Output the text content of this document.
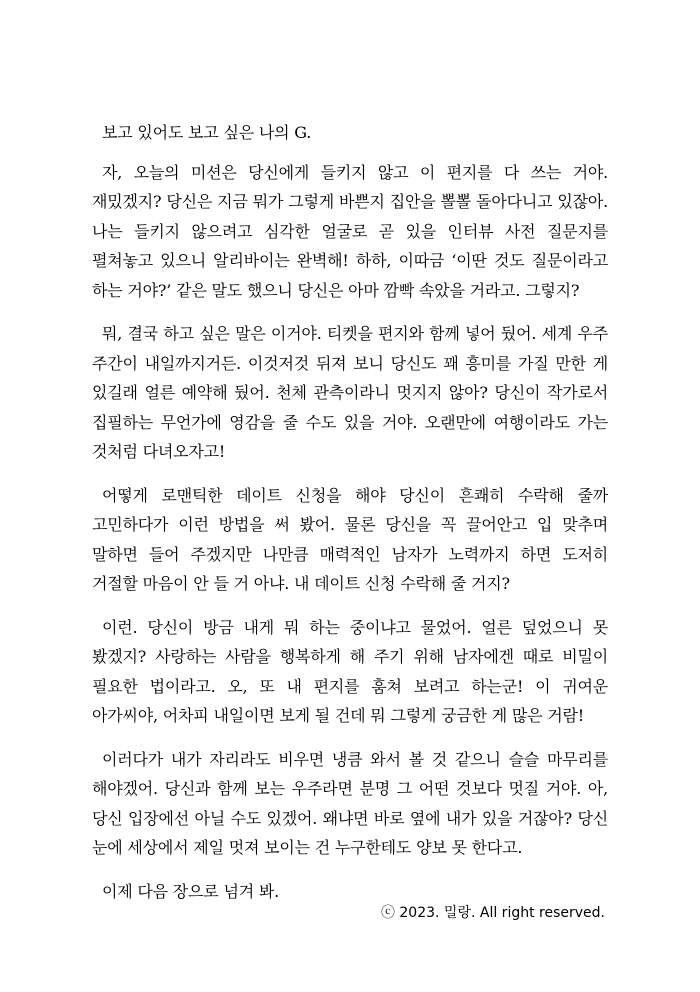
보고 있어도 보고 싶은 나의 G.

자, 오늘의 미션은 당신에게 들키지 않고 이 편지를 다 쓰는 거야. 재밌겠지? 당신은 지금 뭐가 그렇게 바쁜지 집안을 뽈뽈 돌아다니고 있잖아. 나는 들키지 않으려고 심각한 얼굴로 곧 있을 인터뷰 사전 질문지를 펼쳐놓고 있으니 알리바이는 완벽해! 하하, 이따금 ‘이딴 것도 질문이라고 하는 거야?’ 같은 말도 했으니 당신은 아마 깜빡 속았을 거라고. 그렇지?

뭐, 결국 하고 싶은 말은 이거야. 티켓을 편지와 함께 넣어 뒀어. 세계 우주 주간이 내일까지거든. 이것저것 뒤져 보니 당신도 꽤 흥미를 가질 만한 게 있길래 얼른 예약해 뒀어. 천체 관측이라니 멋지지 않아? 당신이 작가로서 집필하는 무언가에 영감을 줄 수도 있을 거야. 오랜만에 여행이라도 가는 것처럼 다녀오자고!

어떻게 로맨틱한 데이트 신청을 해야 당신이 흔쾌히 수락해 줄까 고민하다가 이런 방법을 써 봤어. 물론 당신을 꼭 끌어안고 입 맞추며 말하면 들어 주겠지만 나만큼 매력적인 남자가 노력까지 하면 도저히 거절할 마음이 안 들 거 아냐. 내 데이트 신청 수락해 줄 거지?

이런. 당신이 방금 내게 뭐 하는 중이냐고 물었어. 얼른 덮었으니 못 봤겠지? 사랑하는 사람을 행복하게 해 주기 위해 남자에겐 때로 비밀이 필요한 법이라고. 오, 또 내 편지를 훔쳐 보려고 하는군! 이 귀여운 아가씨야, 어차피 내일이면 보게 될 건데 뭐 그렇게 궁금한 게 많은 거람!

이러다가 내가 자리라도 비우면 냉큼 와서 볼 것 같으니 슬슬 마무리를 해야겠어. 당신과 함께 보는 우주라면 분명 그 어떤 것보다 멋질 거야. 아, 당신 입장에선 아닐 수도 있겠어. 왜냐면 바로 옆에 내가 있을 거잖아? 당신 눈에 세상에서 제일 멋져 보이는 건 누구한테도 양보 못 한다고.

이제 다음 장으로 넘겨 봐.

ⓒ 2023. 밀랑. All right reserved.
